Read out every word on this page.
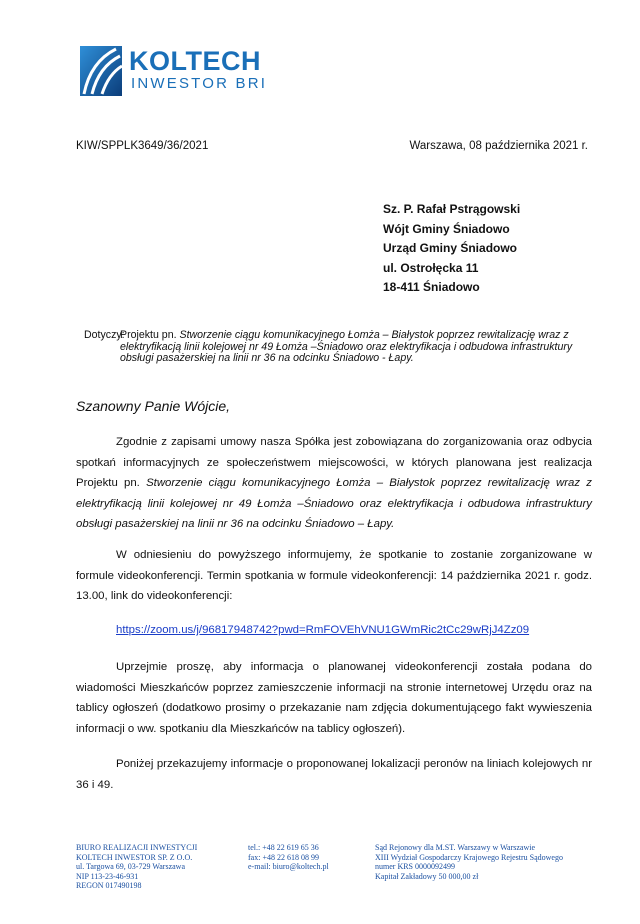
KOLTECH
INWESTOR BRI
KIW/SPPLK3649/36/2021	Warszawa, 08 października 2021 r.
Sz. P. Rafał Pstrągowski
Wójt Gminy Śniadowo
Urząd Gminy Śniadowo
ul. Ostrołęcka 11
18-411 Śniadowo
Dotyczy:
Projektu pn. Stworzenie ciągu komunikacyjnego Łomża – Białystok poprzez rewitalizację wraz z elektryfikacją linii kolejowej nr 49 Łomża –Śniadowo oraz elektryfikacja i odbudowa infrastruktury obsługi pasażerskiej na linii nr 36 na odcinku Śniadowo - Łapy.
Szanowny Panie Wójcie,
Zgodnie z zapisami umowy nasza Spółka jest zobowiązana do zorganizowania oraz odbycia spotkań informacyjnych ze społeczeństwem miejscowości, w których planowana jest realizacja Projektu pn. Stworzenie ciągu komunikacyjnego Łomża – Białystok poprzez rewitalizację wraz z elektryfikacją linii kolejowej nr 49 Łomża –Śniadowo oraz elektryfikacja i odbudowa infrastruktury obsługi pasażerskiej na linii nr 36 na odcinku Śniadowo – Łapy.
W odniesieniu do powyższego informujemy, że spotkanie to zostanie zorganizowane w formule videokonferencji. Termin spotkania w formule videokonferencji: 14 października 2021 r. godz. 13.00, link do videokonferencji:
https://zoom.us/j/96817948742?pwd=RmFOVEhVNU1GWmRic2tCc29wRjJ4Zz09
Uprzejmie proszę, aby informacja o planowanej videokonferencji została podana do wiadomości Mieszkańców poprzez zamieszczenie informacji na stronie internetowej Urzędu oraz na tablicy ogłoszeń (dodatkowo prosimy o przekazanie nam zdjęcia dokumentującego fakt wywieszenia informacji o ww. spotkaniu dla Mieszkańców na tablicy ogłoszeń).
Poniżej przekazujemy informacje o proponowanej lokalizacji peronów na liniach kolejowych nr 36 i 49.
BIURO REALIZACJI INWESTYCJI
KOLTECH INWESTOR SP. Z O.O.
ul. Targowa 69, 03-729 Warszawa
NIP 113-23-46-931
REGON 017490198
tel.: +48 22 619 65 36
fax: +48 22 618 08 99
e-mail: biuro@koltech.pl
Sąd Rejonowy dla M.ST. Warszawy w Warszawie
XIII Wydział Gospodarczy Krajowego Rejestru Sądowego
numer KRS 0000092499
Kapitał Zakładowy 50 000,00 zł
